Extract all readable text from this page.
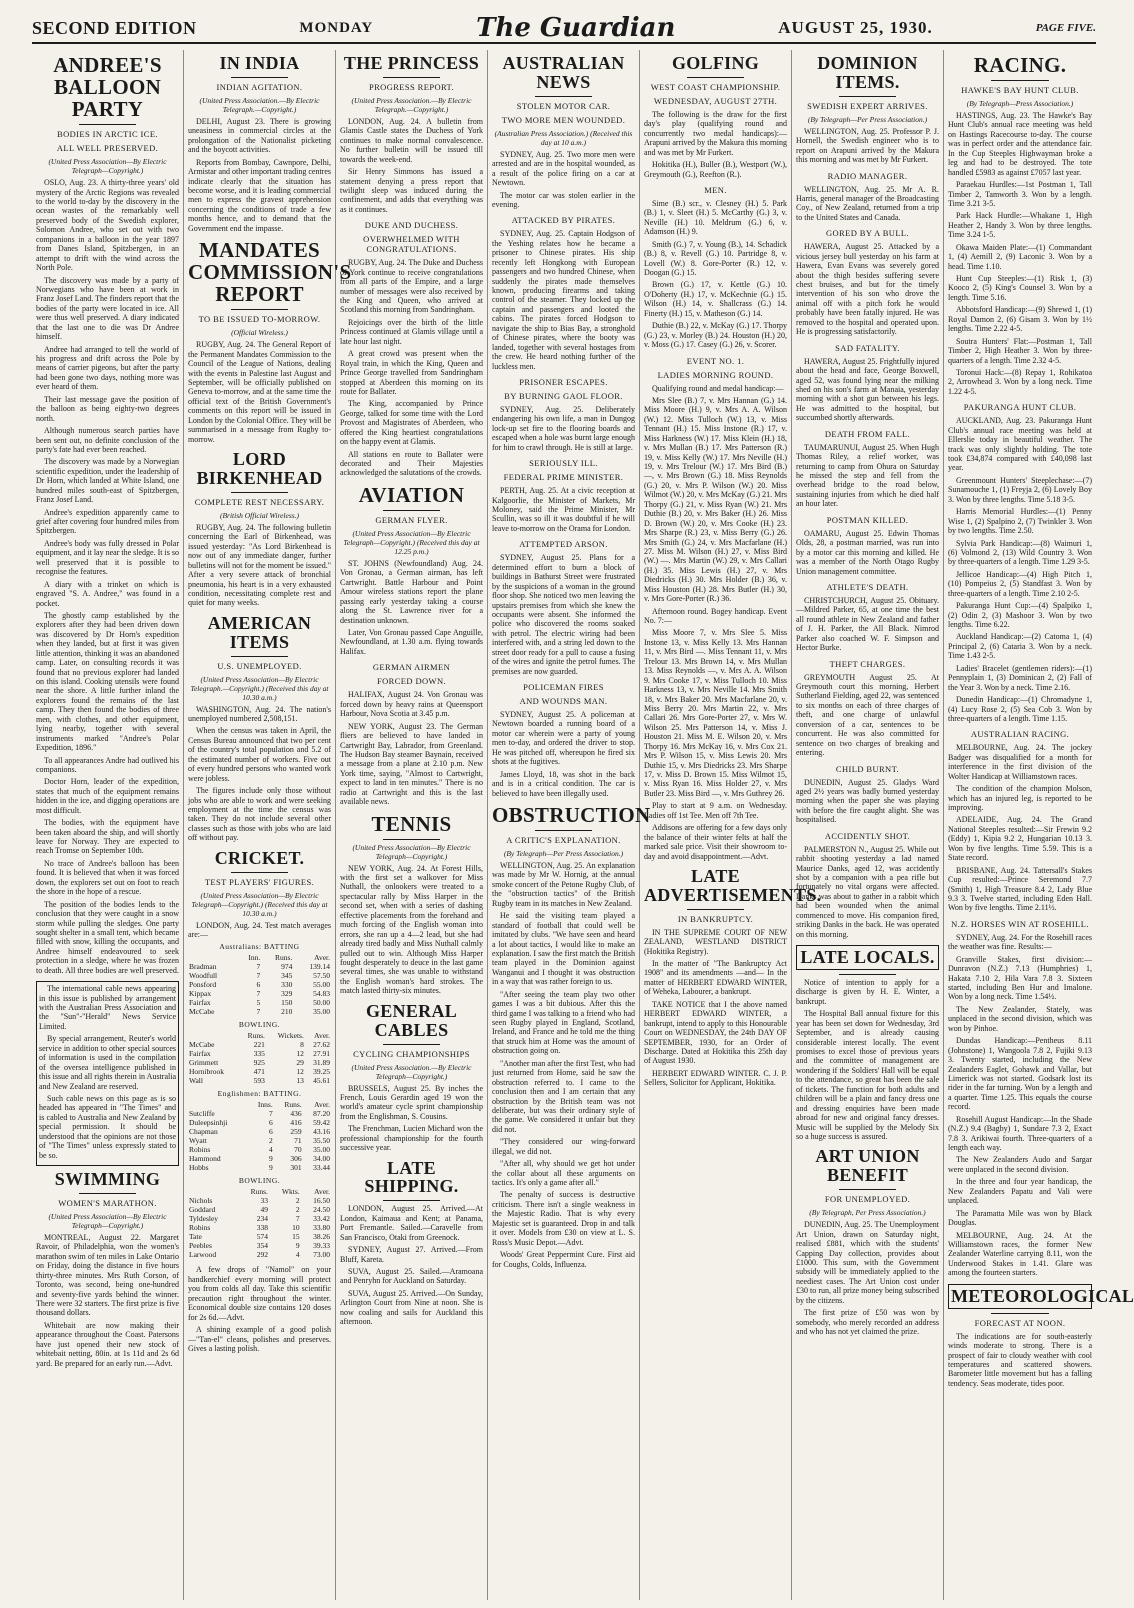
SECOND EDITION	MONDAY	The Guardian	AUGUST 25, 1930.	PAGE FIVE.
ANDREE'S BALLOON PARTY
BODIES IN ARCTIC ICE.
ALL WELL PRESERVED.
(United Press Association—By Electric Telegraph—Copyright.)

OSLO, Aug. 23. A thirty-three years' old mystery of the Arctic Regions was revealed to the world to-day by the discovery in the ocean wastes of the remarkably well preserved body of the Swedish explorer, Solomon Andree, who set out with two companions in a balloon in the year 1897 from Danes Island, Spitzbergen, in an attempt to drift with the wind across the North Pole.

The discovery was made by a party of Norwegians who have been at work in Franz Josef Land. The finders report that the bodies of the party were located in ice. All were thus well preserved. A diary indicated that the last one to die was Dr Andree himself.

Andree had arranged to tell the world of his progress and drift across the Pole by means of carrier pigeons, but after the party had been gone two days, nothing more was ever heard of them.

Their last message gave the position of the balloon as being eighty-two degrees north.

Although numerous search parties have been sent out, no definite conclusion of the party's fate had ever been reached.

The discovery was made by a Norwegian scientific expedition, under the leadership of Dr Horn, which landed at White Island, one hundred miles south-east of Spitzbergen, Franz Josef Land.

Andree's expedition apparently came to grief after covering four hundred miles from Spitzbergen.

Andree's body was fully dressed in Polar equipment, and it lay near the sledge. It is so well preserved that it is possible to recognise the features.

A diary with a trinket on which is engraved "S. A. Andree," was found in a pocket.

The ghostly camp established by the explorers after they had been driven down was discovered by Dr Horn's expedition when they landed, but at first it was given little attention, thinking it was an abandoned camp. Later, on consulting records it was found that no previous explorer had landed on this island. Cooking utensils were found near the shore. A little further inland the explorers found the remains of the last camp. They then found the bodies of three men, with clothes, and other equipment, lying nearby, together with several instruments marked "Andree's Polar Expedition, 1896."

To all appearances Andre had outlived his companions.

Doctor Horn, leader of the expedition, states that much of the equipment remains hidden in the ice, and digging operations are most difficult.

The bodies, with the equipment have been taken aboard the ship, and will shortly leave for Norway. They are expected to reach Tromse on September 10th.

No trace of Andree's balloon has been found. It is believed that when it was forced down, the explorers set out on foot to reach the shore in the hope of a rescue.

The position of the bodies lends to the conclusion that they were caught in a snow storm while pulling the sledges. One party sought shelter in a small tent, which became filled with snow, killing the occupants, and Andree himself endeavoured to seek protection in a sledge, where he was frozen to death. All three bodies are well preserved.

The international cable news appearing in this issue is published by arrangement with the Australian Press Association and the "Sun"-"Herald" News Service Limited.

By special arrangement, Reuter's world service in addition to other special sources of information is used in the compilation of the oversea intelligence published in this issue and all rights therein in Australia and New Zealand are reserved.

Such cable news on this page as is so headed has appeared in "The Times" and is cabled to Australia and New Zealand by special permission. It should be understood that the opinions are not those of "The Times" unless expressly stated to be so.

SWIMMING
WOMEN'S MARATHON.
(United Press Association—By Electric Telegraph—Copyright.)

MONTREAL, August 22. Margaret Ravoir, of Philadelphia, won the women's marathon swim of ten miles in Lake Ontario on Friday, doing the distance in five hours thirty-three minutes. Mrs Ruth Corson, of Toronto, was second, being one-hundred and seventy-five yards behind the winner. There were 32 starters. The first prize is five thousand dollars.

Whitebait are now making their appearance throughout the Coast. Patersons have just opened their new stock of whitebait netting, 80in. at 1s 11d and 2s 6d yard. Be prepared for an early run.—Advt.

IN INDIA
INDIAN AGITATION.
(United Press Association.—By Electric Telegraph.—Copyright.)

DELHI, August 23. There is growing uneasiness in commercial circles at the prolongation of the Nationalist picketing and the boycott activities.

Reports from Bombay, Cawnpore, Delhi, Armistar and other important trading centres indicate clearly that the situation has become worse, and it is leading commercial men to express the gravest apprehension concerning the conditions of trade a few months hence, and to demand that the Government end the impasse.

MANDATES COMMISSION'S REPORT
TO BE ISSUED TO-MORROW.
(Official Wireless.)

RUGBY, Aug. 24. The General Report of the Permanent Mandates Commission to the Council of the League of Nations, dealing with the events in Palestine last August and September, will be officially published on Geneva to-morrow, and at the same time the official text of the British Government's comments on this report will be issued in London by the Colonial Office. They will be summarised in a message from Rugby to-morrow.

LORD BIRKENHEAD
COMPLETE REST NECESSARY.
(British Official Wireless.)

RUGBY, Aug. 24. The following bulletin concerning the Earl of Birkenhead, was issued yesterday: "As Lord Birkenhead is now out of any immediate danger, further bulletins will not for the moment be issued." After a very severe attack of bronchial pneumonia, his heart is in a very exhausted condition, necessitating complete rest and quiet for many weeks.

AMERICAN ITEMS
U.S. UNEMPLOYED.
(United Press Association—By Electric Telegraph.—Copyright.) (Received this day at 10.30 a.m.)

WASHINGTON, Aug. 24. The nation's unemployed numbered 2,508,151.

When the census was taken in April, the Census Bureau announced that two per cent of the country's total population and 5.2 of the estimated number of workers. Five out of every hundred persons who wanted work were jobless.

The figures include only those without jobs who are able to work and were seeking employment at the time the census was taken. They do not include several other classes such as those with jobs who are laid off without pay.

CRICKET.
TEST PLAYERS' FIGURES.
(United Press Association—By Electric Telegraph—Copyright.) (Received this day at 10.30 a.m.)

LONDON, Aug. 24. Test match averages are:—

Australians: BATTING
	Inn.	Runs.	Aver.
Bradman	7	974	139.14
Woodfull	7	345	57.50
Ponsford	6	330	55.00
Kippax	7	329	54.83
Fairfax	5	150	50.00
McCabe	7	210	35.00
BOWLING.
	Runs.	Wickets.	Aver.
McCabe	221	8	27.62
Fairfax	335	12	27.91
Grimmett	925	29	31.89
Hornibrook	471	12	39.25
Wall	593	13	45.61
Englishmen: BATTING.
	Inns.	Runs.	Aver.
Sutcliffe	7	436	87.20
Duleepsinhji	6	416	59.42
Chapman	6	259	43.16
Wyatt	2	71	35.50
Robins	4	70	35.00
Hammond	9	306	34.00
Hobbs	9	301	33.44
BOWLING.
	Runs.	Wkts.	Aver.
Nichols	33	2	16.50
Goddard	49	2	24.50
Tyldesley	234	7	33.42
Robins	338	10	33.80
Tate	574	15	38.26
Peebles	354	9	39.33
Larwood	292	4	73.00

A few drops of "Namol" on your handkerchief every morning will protect you from colds all day. Take this scientific precaution right throughout the winter. Economical double size contains 120 doses for 2s 6d.—Advt.

A shining example of a good polish—"Tan-el" cleans, polishes and preserves. Gives a lasting polish.

THE PRINCESS
PROGRESS REPORT.
(United Press Association.—By Electric Telegraph.—Copyright.)

LONDON, Aug. 24. A bulletin from Glamis Castle states the Duchess of York continues to make normal convalescence. No further bulletin will be issued till towards the week-end.

Sir Henry Simmons has issued a statement denying a press report that twilight sleep was induced during the confinement, and adds that everything was as it continues.

DUKE AND DUCHESS.
OVERWHELMED WITH CONGRATULATIONS.

RUGBY, Aug. 24. The Duke and Duchess of York continue to receive congratulations from all parts of the Empire, and a large number of messages were also received by the King and Queen, who arrived at Scotland this morning from Sandringham.

Rejoicings over the birth of the little Princess continued at Glamis village until a late hour last night.

A great crowd was present when the Royal train, in which the King, Queen and Prince George travelled from Sandringham stopped at Aberdeen this morning on its route for Ballater.

The King, accompanied by Prince George, talked for some time with the Lord Provost and Magistrates of Aberdeen, who offered the King heartiest congratulations on the happy event at Glamis.

All stations en route to Ballater were decorated and Their Majesties acknowledged the salutations of the crowds.

AVIATION
GERMAN FLYER.
(United Press Association—By Electric Telegraph—Copyright.) (Received this day at 12.25 p.m.)

ST. JOHNS (Newfoundland) Aug. 24. Von Gronau, a German airman, has left Cartwright. Battle Harbour and Point Amour wireless stations report the plane passing early yesterday taking a course along the St. Lawrence river for a destination unknown.

Later, Von Gronau passed Cape Anguille, Newfoundland, at 1.30 a.m. flying towards Halifax.

GERMAN AIRMEN
FORCED DOWN.

HALIFAX, August 24. Von Gronau was forced down by heavy rains at Queensport Harbour, Nova Scotia at 3.45 p.m.

NEW YORK, August 23. The German fliers are believed to have landed in Cartwright Bay, Labrador, from Greenland. The Hudson Bay steamer Baynain, received a message from a plane at 2.10 p.m. New York time, saying, "Almost to Cartwright, expect to land in ten minutes." There is no radio at Cartwright and this is the last available news.

TENNIS
(United Press Association—By Electric Telegraph—Copyright.)

NEW YORK, Aug. 24. At Forest Hills, with the first set a walkover for Miss Nuthall, the onlookers were treated to a spectacular rally by Miss Harper in the second set, when with a series of dashing effective placements from the forehand and much forcing of the English woman into errors, she ran up a 4—2 lead, but she had already tired badly and Miss Nuthall calmly pulled out to win. Although Miss Harper fought desperately to deuce in the last game several times, she was unable to withstand the English woman's hard strokes. The match lasted thirty-six minutes.

GENERAL CABLES
CYCLING CHAMPIONSHIPS
(United Press Association.—By Electric Telegraph—Copyright.)

BRUSSELS, August 25. By inches the French, Louis Gerardin aged 19 won the world's amateur cycle sprint championship from the Englishman, S. Cousins.

The Frenchman, Lucien Michard won the professional championship for the fourth successive year.

LATE SHIPPING.

LONDON, August 25. Arrived.—At London, Kaimaua and Kent; at Panama, Port Fremantle. Sailed.—Caravelle from San Francisco, Otaki from Greenock.

SYDNEY, August 27. Arrived.—From Bluff, Kareta.

SUVA, August 25. Sailed.—Aramoana and Penryhn for Auckland on Saturday.

SUVA, August 25. Arrived.—On Sunday, Arlington Court from Nine at noon. She is now coaling and sails for Auckland this afternoon.

AUSTRALIAN NEWS
STOLEN MOTOR CAR.
TWO MORE MEN WOUNDED.
(Australian Press Association.) (Received this day at 10 a.m.)

SYDNEY, Aug. 25. Two more men were arrested and are in the hospital wounded, as a result of the police firing on a car at Newtown.

The motor car was stolen earlier in the evening.

ATTACKED BY PIRATES.

SYDNEY, Aug. 25. Captain Hodgson of the Yeshing relates how he became a prisoner to Chinese pirates. His ship recently left Hongkong with European passengers and two hundred Chinese, when suddenly the pirates made themselves known, producing firearms and taking control of the steamer. They locked up the captain and passengers and looted the cabins. The pirates forced Hodgson to navigate the ship to Bias Bay, a stronghold of Chinese pirates, where the booty was landed, together with several hostages from the crew. He heard nothing further of the luckless men.

PRISONER ESCAPES.
BY BURNING GAOL FLOOR.

SYDNEY, Aug. 25. Deliberately endangering his own life, a man in Dungog lock-up set fire to the flooring boards and escaped when a hole was burnt large enough for him to crawl through. He is still at large.

SERIOUSLY ILL.
FEDERAL PRIME MINISTER.

PERTH, Aug. 25. At a civic reception at Kalgoorlie, the Minister of Markets, Mr Moloney, said the Prime Minister, Mr Scullin, was so ill it was doubtful if he will leave to-morrow on the Orama for London.

ATTEMPTED ARSON.

SYDNEY, August 25. Plans for a determined effort to burn a block of buildings in Bathurst Street were frustrated by the suspicions of a woman in the ground floor shop. She noticed two men leaving the upstairs premises from which she knew the occupants were absent. She informed the police who discovered the rooms soaked with petrol. The electric wiring had been interfered with, and a string led down to the street door ready for a pull to cause a fusing of the wires and ignite the petrol fumes. The premises are now guarded.

POLICEMAN FIRES
AND WOUNDS MAN.

SYDNEY, August 25. A policeman at Newtown boarded a running board of a motor car wherein were a party of young men to-day, and ordered the driver to stop. He was pitched off, whereupon he fired six shots at the fugitives.

James Lloyd, 18, was shot in the back and is in a critical condition. The car is believed to have been illegally used.

OBSTRUCTION
A CRITIC'S EXPLANATION.
(By Telegraph—Per Press Association.)

WELLINGTON, Aug. 25. An explanation was made by Mr W. Hornig, at the annual smoke concert of the Petone Rugby Club, of the "obstruction tactics" of the British Rugby team in its matches in New Zealand.

He said the visiting team played a standard of football that could well be imitated by clubs. "We have seen and heard a lot about tactics, I would like to make an explanation. I saw the first match the British team played in the Dominion against Wanganui and I thought it was obstruction in a way that was rather foreign to us.

"After seeing the team play two other games I was a bit dubious. After this the third game I was talking to a friend who had seen Rugby played in England, Scotland, Ireland, and France and he told me the thing that struck him at Home was the amount of obstruction going on.

"Another man after the first Test, who had just returned from Home, said he saw the obstruction referred to. I came to the conclusion then and I am certain that any obstruction by the British team was not deliberate, but was their ordinary style of the game. We considered it unfair but they did not.

"They considered our wing-forward illegal, we did not.

"After all, why should we get hot under the collar about all these arguments on tactics. It's only a game after all."

The penalty of success is destructive criticism. There isn't a single weakness in the Majestic Radio. That is why every Majestic set is guaranteed. Drop in and talk it over. Models from £30 on view at L. S. Ross's Music Depot.—Advt.

Woods' Great Peppermint Cure. First aid for Coughs, Colds, Influenza.

GOLFING
WEST COAST CHAMPIONSHIP.
WEDNESDAY, AUGUST 27TH.

The following is the draw for the first day's play (qualifying round and concurrently two medal handicaps):— Arapuni arrived by the Makura this morning and was met by Mr Furkert.

Hokitika (H.), Buller (B.), Westport (W.), Greymouth (G.), Reefton (R.).

MEN.

Sime (B.) scr., v. Clesney (H.) 5. Park (B.) 1, v. Sleet (H.) 5. McCarthy (G.) 3, v. Neville (H.) 10. Meldrum (G.) 6, v. Adamson (H.) 9.

Smith (G.) 7, v. Young (B.), 14. Schadick (B.) 8, v. Revell (G.) 10. Partridge 8, v. Lovell (W.) 8. Gore-Porter (R.) 12, v. Doogan (G.) 15.

Brown (G.) 17, v. Kettle (G.) 10. O'Doherty (H.) 17, v. McKechnie (G.) 15. Wilson (H.) 14, v. Shallcrass (G.) 14. Finerty (H.) 15, v. Matheson (G.) 14.

Duthie (B.) 22, v. McKay (G.) 17. Thorpy (G.) 23, v. Morley (B.) 24. Houston (H.) 20, v. Moss (G.) 17. Casey (G.) 26, v. Scorer.

EVENT NO. 1.
LADIES MORNING ROUND.

Qualifying round and medal handicap:—

Mrs Slee (B.) 7, v. Mrs Hannan (G.) 14. Miss Moore (H.) 9, v. Mrs A. A. Wilson (W.) 12. Miss Tulloch (W.) 13, v. Miss Tennant (H.) 15. Miss Instone (R.) 17, v. Miss Harkness (W.) 17. Miss Klein (H.) 18, v. Mrs Mullan (B.) 17. Mrs Patterson (R.) 19, v. Miss Kelly (W.) 17. Mrs Neville (H.) 19, v. Mrs Trelour (W.) 17. Mrs Bird (B.) —, v. Mrs Brown (G.) 18. Miss Reynolds (G.) 20, v. Mrs P. Wilson (W.) 20. Miss Wilmot (W.) 20, v. Mrs McKay (G.) 21. Mrs Thorpy (G.) 21, v. Miss Ryan (W.) 21. Mrs Duthie (B.) 20, v. Mrs Baker (H.) 26. Miss D. Brown (W.) 20, v. Mrs Cooke (H.) 23. Mrs Sharpe (R.) 23, v. Miss Berry (G.) 26. Mrs Smith (G.) 24, v. Mrs Macfarlane (H.) 27. Miss M. Wilson (H.) 27, v. Miss Bird (W.) —. Mrs Martin (W.) 29, v. Mrs Callari (H.) 35. Miss Lewis (H.) 27, v. Mrs Diedricks (H.) 30. Mrs Holder (B.) 36, v. Miss Houston (H.) 28. Mrs Butler (H.) 30, v. Mrs Gore-Porter (R.) 36.

Afternoon round. Bogey handicap. Event No. 7:—

Miss Moore 7, v. Mrs Slee 5. Miss Instone 13, v. Miss Kelly 13. Mrs Hannan 11, v. Mrs Bird —. Miss Tennant 11, v. Mrs Trelour 13. Mrs Brown 14, v. Mrs Mullan 13. Miss Reynolds —, v. Mrs A. A. Wilson 9. Mrs Cooke 17, v. Miss Tulloch 10. Miss Harkness 13, v. Mrs Neville 14. Mrs Smith 18, v. Mrs Baker 20. Mrs Macfarlane 20, v. Miss Berry 20. Mrs Martin 22, v. Mrs Callari 26. Mrs Gore-Porter 27, v. Mrs W. Wilson 25. Mrs Patterson 14, v. Miss J. Houston 21. Miss M. E. Wilson 20, v. Mrs Thorpy 16. Mrs McKay 16, v. Mrs Cox 21. Mrs P. Wilson 15, v. Miss Lewis 20. Mrs Duthie 15, v. Mrs Diedricks 23. Mrs Sharpe 17, v. Miss D. Brown 15. Miss Wilmot 15, v. Miss Ryan 16. Miss Holder 27, v. Mrs Butler 23. Miss Bird —, v. Mrs Guthrey 26.

Play to start at 9 a.m. on Wednesday. Ladies off 1st Tee. Men off 7th Tee.

Addisons are offering for a few days only the balance of their winter felts at half the marked sale price. Visit their showroom to-day and avoid disappointment.—Advt.

LATE ADVERTISEMENTS.
IN BANKRUPTCY.

IN THE SUPREME COURT OF NEW ZEALAND, WESTLAND DISTRICT (Hokitika Registry).

In the matter of "The Bankruptcy Act 1908" and its amendments —and— In the matter of HERBERT EDWARD WINTER, of Weheka, Labourer, a bankrupt.

TAKE NOTICE that I the above named HERBERT EDWARD WINTER, a bankrupt, intend to apply to this Honourable Court on WEDNESDAY, the 24th DAY OF SEPTEMBER, 1930, for an Order of Discharge. Dated at Hokitika this 25th day of August 1930.

HERBERT EDWARD WINTER. C. J. P. Sellers, Solicitor for Applicant, Hokitika.

DOMINION ITEMS.
SWEDISH EXPERT ARRIVES.
(By Telegraph—Per Press Association.)

WELLINGTON, Aug. 25. Professor P. J. Hornell, the Swedish engineer who is to report on Arapuni arrived by the Makura this morning and was met by Mr Furkert.

RADIO MANAGER.

WELLINGTON, Aug. 25. Mr A. R. Harris, general manager of the Broadcasting Coy., of New Zealand, returned from a trip to the United States and Canada.

GORED BY A BULL.

HAWERA, August 25. Attacked by a vicious jersey bull yesterday on his farm at Hawera, Evan Evans was severely gored about the thigh besides suffering severe chest bruises, and but for the timely intervention of his son who drove the animal off with a pitch fork he would probably have been fatally injured. He was removed to the hospital and operated upon. He is progressing satisfactorily.

SAD FATALITY.

HAWERA, August 25. Frightfully injured about the head and face, George Boxwell, aged 52, was found lying near the milking shed on his son's farm at Manaia, yesterday morning with a shot gun between his legs. He was admitted to the hospital, but succumbed shortly afterwards.

DEATH FROM FALL.

TAUMARUNUI, August 25. When Hugh Thomas Riley, a relief worker, was returning to camp from Ohura on Saturday he missed the step and fell from the overhead bridge to the road below, sustaining injuries from which he died half an hour later.

POSTMAN KILLED.

OAMARU, August 25. Edwin Thomas Olds, 28, a postman married, was run into by a motor car this morning and killed. He was a member of the North Otago Rugby Union management committee.

ATHLETE'S DEATH.

CHRISTCHURCH, August 25. Obituary.—Mildred Parker, 65, at one time the best all round athlete in New Zealand and father of J. H. Parker, the All Black. Nimrod Parker also coached W. F. Simpson and Hector Burke.

THEFT CHARGES.

GREYMOUTH August 25. At Greymouth court this morning, Herbert Sutherland Fielding, aged 22, was sentenced to six months on each of three charges of theft, and one charge of unlawful conversion of a car, sentences to be concurrent. He was also committed for sentence on two charges of breaking and entering.

CHILD BURNT.

DUNEDIN, August 25. Gladys Ward aged 2½ years was badly burned yesterday morning when the paper she was playing with before the fire caught alight. She was hospitalised.

ACCIDENTLY SHOT.

PALMERSTON N., August 25. While out rabbit shooting yesterday a lad named Maurice Danks, aged 12, was accidently shot by a companion with a pea rifle but fortunately no vital organs were affected. Danks was about to gather in a rabbit which had been wounded when the animal commenced to move. His companion fired, striking Danks in the back. He was operated on this morning.

LATE LOCALS.

Notice of intention to apply for a discharge is given by H. E. Winter, a bankrupt.

The Hospital Ball annual fixture for this year has been set down for Wednesday, 3rd September, and is already causing considerable interest locally. The event promises to excel those of previous years and the committee of management are wondering if the Soldiers' Hall will be equal to the attendance, so great has been the sale of tickets. The function for both adults and children will be a plain and fancy dress one and dressing enquiries have been made abroad for new and original fancy dresses. Music will be supplied by the Melody Six so a huge success is assured.

ART UNION BENEFIT
FOR UNEMPLOYED.
(By Telegraph, Per Press Association.)

DUNEDIN, Aug. 25. The Unemployment Art Union, drawn on Saturday night, realised £881, which with the students' Capping Day collection, provides about £1000. This sum, with the Government subsidy will be immediately applied to the neediest cases. The Art Union cost under £30 to run, all prize money being subscribed by the citizens.

The first prize of £50 was won by somebody, who merely recorded an address and who has not yet claimed the prize.

RACING.
HAWKE'S BAY HUNT CLUB.
(By Telegraph—Press Association.)

HASTINGS, Aug. 23. The Hawke's Bay Hunt Club's annual race meeting was held on Hastings Racecourse to-day. The course was in perfect order and the attendance fair. In the Cup Steeples Highwayman broke a leg and had to be destroyed. The tote handled £5983 as against £7057 last year.

Paraekau Hurdles:—1st Postman 1, Tall Timber 2, Tamworth 3. Won by a length. Time 3.21 3-5.

Park Hack Hurdle:—Whakane 1, High Heather 2, Handy 3. Won by three lengths. Time 3.24 1-5.

Okawa Maiden Plate:—(1) Commandant 1, (4) Aemill 2, (9) Laconic 3. Won by a head. Time 1.10.

Hunt Cup Steeples:—(1) Risk 1, (3) Kooco 2, (5) King's Counsel 3. Won by a length. Time 5.16.

Abbotsford Handicap:—(9) Shrewd 1, (1) Royal Damon 2, (6) Gisam 3. Won by 1½ lengths. Time 2.22 4-5.

Soutra Hunters' Flat:—Postman 1, Tall Timber 2, High Heather 3. Won by three-quarters of a length. Time 2.32 4-5.

Toronui Hack:—(8) Repay 1, Rohikatoa 2, Arrowhead 3. Won by a long neck. Time 1.22 4-5.

PAKURANGA HUNT CLUB.

AUCKLAND, Aug. 23. Pakuranga Hunt Club's annual race meeting was held at Ellerslie today in beautiful weather. The track was only slightly holding. The tote took £34,874 compared with £40,098 last year.

Greenmount Hunters' Steeplechase:—(7) Sunamouche 1, (1) Freyja 2, (6) Lovely Boy 3. Won by three lengths. Time 5.18 3-5.

Harris Memorial Hurdles:—(1) Penny Wise 1, (2) Spalpino 2, (7) Twinkler 3. Won by two lengths. Time 2.50.

Sylvia Park Handicap:—(8) Waimuri 1, (6) Volmond 2, (13) Wild Country 3. Won by three-quarters of a length. Time 1.29 3-5.

Jellicoe Handicap:—(4) High Pitch 1, (10) Pompeius 2, (5) Standfast 3. Won by three-quarters of a length. Time 2.10 2-5.

Pakuranga Hunt Cup:—(4) Spalpiko 1, (2) Odin 2, (3) Mashoor 3. Won by two lengths. Time 6.22.

Auckland Handicap:—(2) Catoma 1, (4) Principal 2, (6) Cataria 3. Won by a neck. Time 1.43 2-5.

Ladies' Bracelet (gentlemen riders):—(1) Pennyplain 1, (3) Dominican 2, (2) Fall of the Year 3. Won by a neck. Time 2.16.

Dunedin Handicap:—(1) Chromadyne 1, (4) Lucy Rose 2, (5) Sea Cob 3. Won by three-quarters of a length. Time 1.15.

AUSTRALIAN RACING.

MELBOURNE, Aug. 24. The jockey Badger was disqualified for a month for interference in the first division of the Wolter Handicap at Williamstown races.

The condition of the champion Molson, which has an injured leg, is reported to be improving.

ADELAIDE, Aug. 24. The Grand National Steeples resulted:—Sir Frewin 9.2 (Eddy) 1, Kipia 9.2 2, Hungarian 10.13 3. Won by five lengths. Time 5.59. This is a State record.

BRISBANE, Aug. 24. Tattersall's Stakes Cup resulted:—Prince Seremond 7.7 (Smith) 1, High Treasure 8.4 2, Lady Blue 9.3 3. Twelve started, including Eden Hall. Won by five lengths. Time 2.11½.

N.Z. HORSES WIN AT ROSEHILL.

SYDNEY, Aug. 24. For the Rosehill races the weather was fine. Results:—

Granville Stakes, first division:—Dunravon (N.Z.) 7.13 (Humphries) 1, Hakata 7.10 2, Hila Vara 7.8 3. Sixteen started, including Ben Hur and Imalone. Won by a long neck. Time 1.54½.

The New Zealander, Stately, was unplaced in the second division, which was won by Pinhoe.

Dundas Handicap:—Pentheus 8.11 (Johnstone) 1, Wangoola 7.8 2, Fujiki 9.13 3. Twenty started, including the New Zealanders Eaglet, Gohawk and Vallar, but Limerick was not started. Godsark lost its rider in the far turning. Won by a length and a quarter. Time 1.25. This equals the course record.

Rosehill August Handicap:—In the Shade (N.Z.) 9.4 (Bagby) 1, Sundare 7.3 2, Exact 7.8 3. Arikiwai fourth. Three-quarters of a length each way.

The New Zealanders Audo and Sargar were unplaced in the second division.

In the three and four year handicap, the New Zealanders Papatu and Vali were unplaced.

The Paramatta Mile was won by Black Douglas.

MELBOURNE, Aug. 24. At the Williamstown races, the former New Zealander Waterline carrying 8.11, won the Underwood Stakes in 1.41. Glare was among the fourteen starters.

METEOROLOGICAL
FORECAST AT NOON.

The indications are for south-easterly winds moderate to strong. There is a prospect of fair to cloudy weather with cool temperatures and scattered showers. Barometer little movement but has a falling tendency. Seas moderate, tides poor.
